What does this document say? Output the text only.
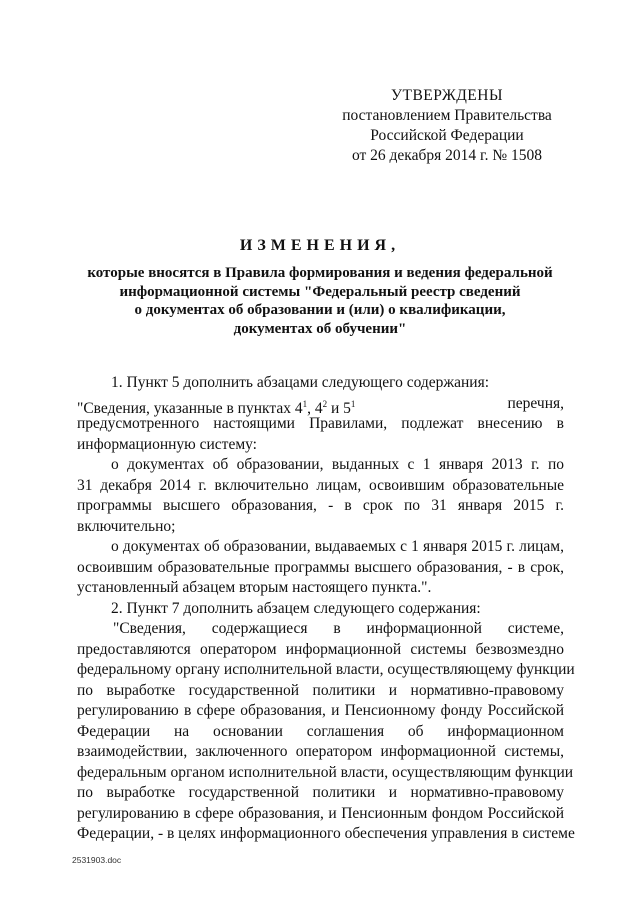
УТВЕРЖДЕНЫ
постановлением Правительства
Российской Федерации
от 26 декабря 2014 г. № 1508
ИЗМЕНЕНИЯ,
которые вносятся в Правила формирования и ведения федеральной
информационной системы "Федеральный реестр сведений
о документах об образовании и (или) о квалификации,
документах об обучении"
1. Пункт 5 дополнить абзацами следующего содержания:
"Сведения, указанные в пунктах $4^1$, $4^2$ и $5^1$	перечня,
предусмотренного настоящими Правилами, подлежат внесению в
информационную систему:
о документах об образовании, выданных с 1 января 2013 г. по
31 декабря 2014 г. включительно лицам, освоившим образовательные
программы высшего образования, - в срок по 31 января 2015 г.
включительно;
о документах об образовании, выдаваемых с 1 января 2015 г. лицам,
освоившим образовательные программы высшего образования, - в срок,
установленный абзацем вторым настоящего пункта.".
2. Пункт 7 дополнить абзацем следующего содержания:
"Сведения, содержащиеся в информационной системе,
предоставляются оператором информационной системы безвозмездно
федеральному органу исполнительной власти, осуществляющему функции
по выработке государственной политики и нормативно-правовому
регулированию в сфере образования, и Пенсионному фонду Российской
Федерации на основании соглашения об информационном
взаимодействии, заключенного оператором информационной системы,
федеральным органом исполнительной власти, осуществляющим функции
по выработке государственной политики и нормативно-правовому
регулированию в сфере образования, и Пенсионным фондом Российской
Федерации, - в целях информационного обеспечения управления в системе
2531903.doc
